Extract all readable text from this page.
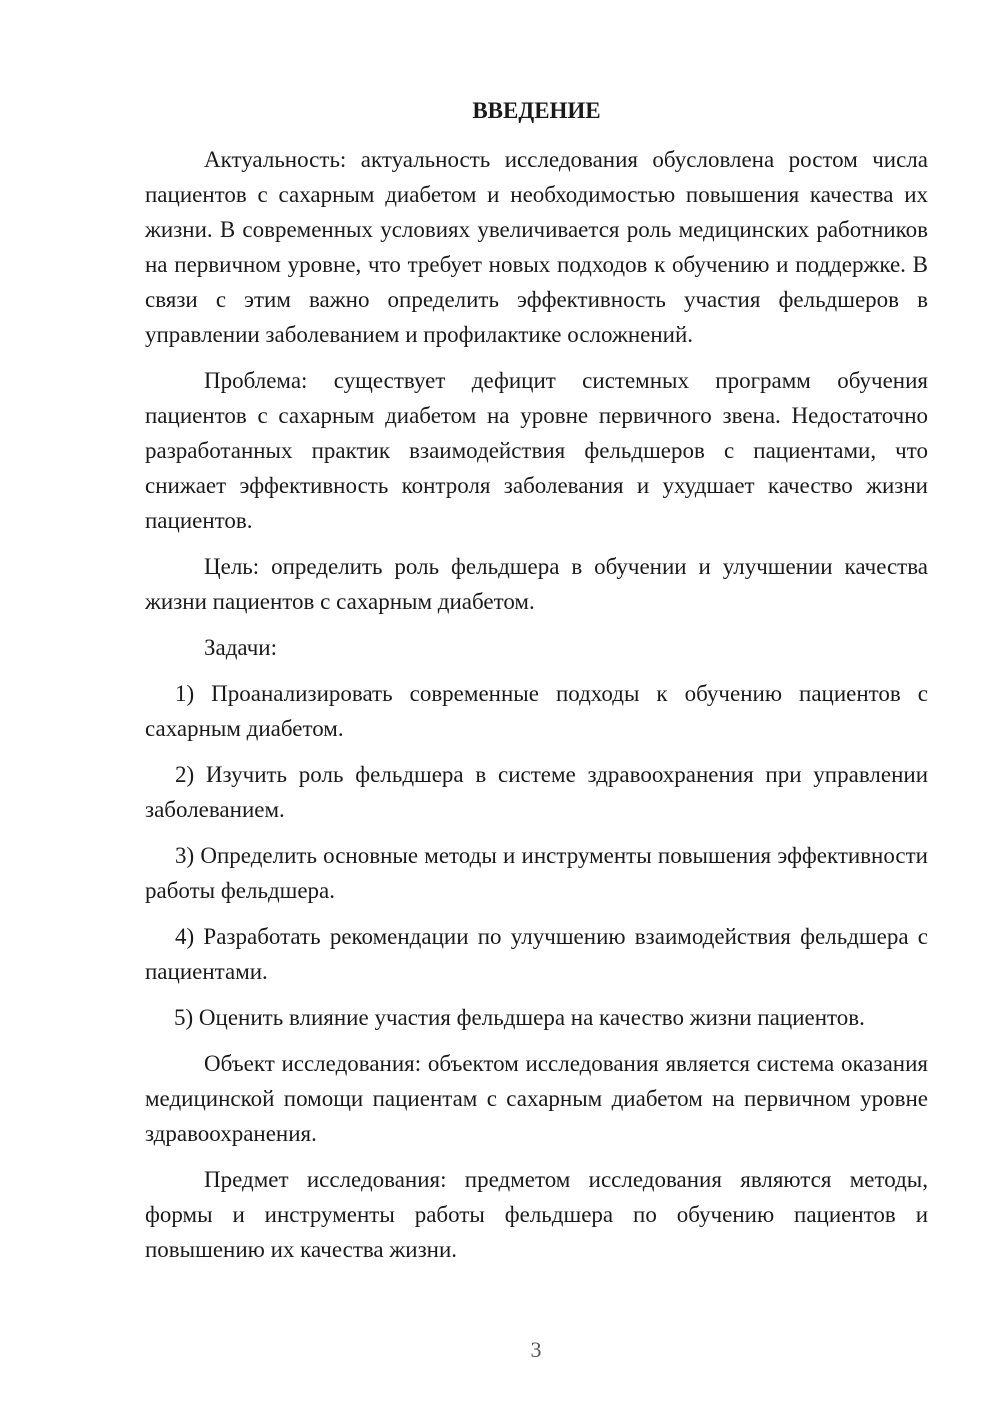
ВВЕДЕНИЕ

Актуальность: актуальность исследования обусловлена ростом числа пациентов с сахарным диабетом и необходимостью повышения качества их жизни. В современных условиях увеличивается роль медицинских работников на первичном уровне, что требует новых подходов к обучению и поддержке. В связи с этим важно определить эффективность участия фельдшеров в управлении заболеванием и профилактике осложнений.

Проблема: существует дефицит системных программ обучения пациентов с сахарным диабетом на уровне первичного звена. Недостаточно разработанных практик взаимодействия фельдшеров с пациентами, что снижает эффективность контроля заболевания и ухудшает качество жизни пациентов.

Цель: определить роль фельдшера в обучении и улучшении качества жизни пациентов с сахарным диабетом.

Задачи:

1) Проанализировать современные подходы к обучению пациентов с сахарным диабетом.

2) Изучить роль фельдшера в системе здравоохранения при управлении заболеванием.

3) Определить основные методы и инструменты повышения эффективности работы фельдшера.

4) Разработать рекомендации по улучшению взаимодействия фельдшера с пациентами.

5) Оценить влияние участия фельдшера на качество жизни пациентов.

Объект исследования: объектом исследования является система оказания медицинской помощи пациентам с сахарным диабетом на первичном уровне здравоохранения.

Предмет исследования: предметом исследования являются методы, формы и инструменты работы фельдшера по обучению пациентов и повышению их качества жизни.

3
